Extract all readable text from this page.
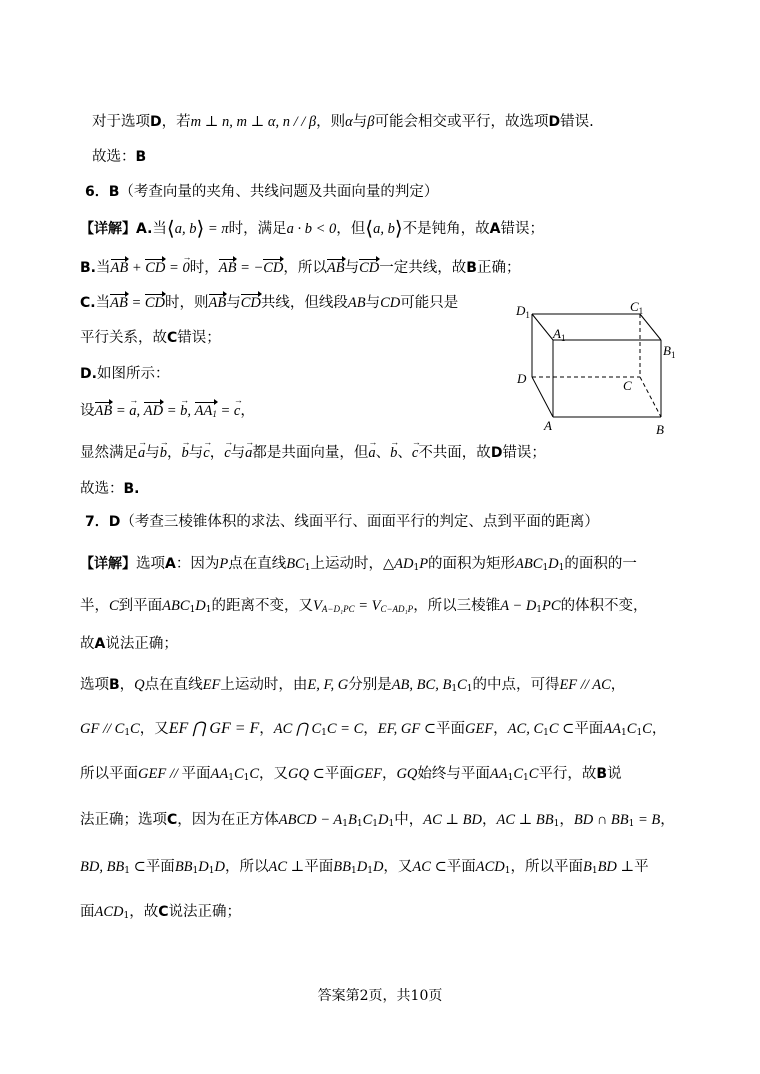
对于选项D，若m ⊥ n, m ⊥ α, n / / β，则α与β可能会相交或平行，故选项D错误.
故选：B
6．B（考查向量的夹角、共线问题及共面向量的判定）
【详解】A.当⟨a, b⟩ = π时，满足a · b < 0，但⟨a, b⟩不是钝角，故A错误；
B.当AB + CD = → 0时，AB = −CD，所以AB与CD一定共线，故B正确；
C.当AB = CD时，则AB与CD共线，但线段AB与CD可能只是
平行关系，故C错误；
D.如图所示：
设AB = → a, AD = → b, $AA_1$ = → c，
显然满足→ a与→ b，→ b与→ c，→ c与→ a都是共面向量，但→ a、→ b、→ c不共面，故D错误；
故选：B.
7．D（考查三棱锥体积的求法、线面平行、面面平行的判定、点到平面的距离）
【详解】选项A：因为P点在直线$BC_1$上运动时，$\triangle AD_1P$的面积为矩形$ABC_1D_1$的面积的一
半，C到平面$ABC_1D_1$的距离不变，又$V_{A-D_1PC} = V_{C-AD_1P}$，所以三棱锥$A - D_1PC$的体积不变，
故A说法正确；
选项B，Q点在直线EF上运动时，由E, F, G分别是AB, BC, $B_1C_1$的中点，可得EF // AC，
GF // $C_1C$，又EF ⋂ GF = F，AC ⋂ $C_1C = C$，EF, GF ⊂平面GEF，AC, $C_1C$ ⊂平面$AA_1C_1C$，
所以平面GEF // 平面$AA_1C_1C$，又GQ ⊂平面GEF，GQ始终与平面$AA_1C_1C$平行，故B说
法正确；选项C，因为在正方体ABCD − $A_1B_1C_1D_1$中，AC ⊥ BD，AC ⊥ $BB_1$，BD ∩ $BB_1 = B$，
BD, $BB_1$ ⊂平面$BB_1D_1D$，所以AC ⊥平面$BB_1D_1D$，又AC ⊂平面$ACD_1$，所以平面$B_1BD$ ⊥平
面$ACD_1$，故C说法正确；
$D_1$
$C_1$
$A_1$
$B_1$
D	C
A	B
答案第2页，共10页
